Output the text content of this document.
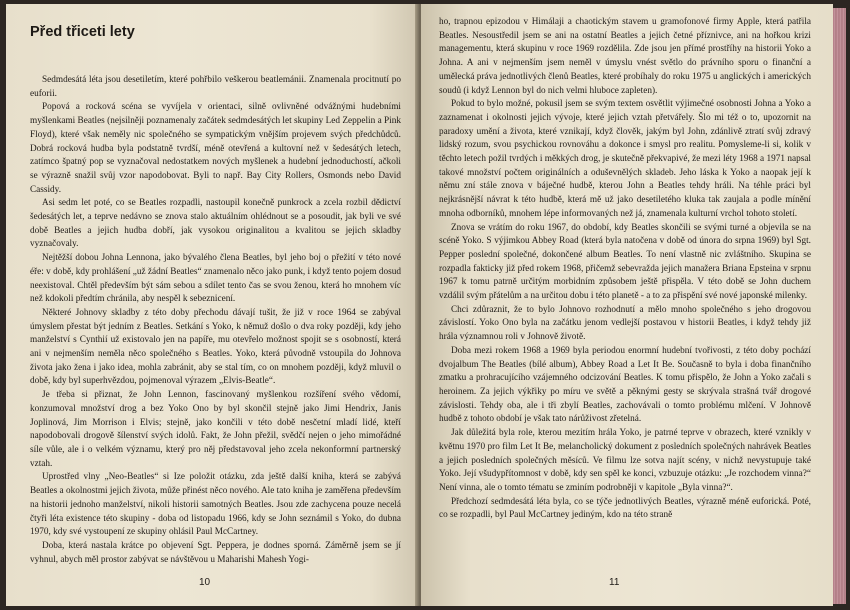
Před třiceti lety

Sedmdesátá léta jsou desetiletím, které pohřbilo veškerou beatlemánii. Znamenala procitnutí po euforii.

Popová a rocková scéna se vyvíjela v orientaci, silně ovlivněné odvážnými hudebními myšlenkami Beatles (nejsilněji poznamenaly začátek sedmdesátých let skupiny Led Zeppelin a Pink Floyd), které však neměly nic společného se sympatickým vnějším projevem svých předchůdců. Dobrá rocková hudba byla podstatně tvrdší, méně otevřená a kultovní než v šedesátých letech, zatímco špatný pop se vyznačoval nedostatkem nových myšlenek a hudební jednoduchostí, ačkoli se výrazně snažil svůj vzor napodobovat. Byli to např. Bay City Rollers, Osmonds nebo David Cassidy.

Asi sedm let poté, co se Beatles rozpadli, nastoupil konečně punkrock a zcela rozbil dědictví šedesátých let, a teprve nedávno se znova stalo aktuálním ohlédnout se a posoudit, jak byli ve své době Beatles a jejich hudba dobří, jak vysokou originalitou a kvalitou se jejich skladby vyznačovaly.

Nejtěžší dobou Johna Lennona, jako bývalého člena Beatles, byl jeho boj o přežití v této nové éře: v době, kdy prohlášení „už žádní Beatles“ znamenalo něco jako punk, i když tento pojem dosud neexistoval. Chtěl především být sám sebou a sdílet tento čas se svou ženou, která ho mnohem víc než kdokoli předtím chránila, aby nespěl k sebeznicení.

Některé Johnovy skladby z této doby přechodu dávají tušit, že již v roce 1964 se zabýval úmyslem přestat být jedním z Beatles. Setkání s Yoko, k němuž došlo o dva roky později, kdy jeho manželství s Cynthií už existovalo jen na papíře, mu otevřelo možnost spojit se s osobností, která ani v nejmenším neměla něco společného s Beatles. Yoko, která původně vstoupila do Johnova života jako žena i jako idea, mohla zabránit, aby se stal tím, co on mnohem později, když mluvil o době, kdy byl superhvězdou, pojmenoval výrazem „Elvis-Beatle“.

Je třeba si přiznat, že John Lennon, fascinovaný myšlenkou rozšíření svého vědomí, konzumoval množství drog a bez Yoko Ono by byl skončil stejně jako Jimi Hendrix, Janis Joplinová, Jim Morrison i Elvis; stejně, jako končili v této době nesčetní mladí lidé, kteří napodobovali drogově šílenství svých idolů. Fakt, že John přežil, svědčí nejen o jeho mimořádné síle vůle, ale i o velkém významu, který pro něj představoval jeho zcela nekonformní partnerský vztah.

Uprostřed vlny „Neo-Beatles“ si Ize položit otázku, zda ještě další kniha, která se zabývá Beatles a okolnostmi jejich života, může přinést něco nového. Ale tato kniha je zaměřena především na historii jednoho manželství, nikoli historii samotných Beatles. Jsou zde zachycena pouze necelá čtyři léta existence této skupiny - doba od listopadu 1966, kdy se John seznámil s Yoko, do dubna 1970, kdy své vystoupení ze skupiny ohlásil Paul McCartney.

Doba, která nastala krátce po objevení Sgt. Peppera, je dodnes sporná. Záměrně jsem se jí vyhnul, abych měl prostor zabývat se návštěvou u Maharishi Mahesh Yogi-

10

ho, trapnou epizodou v Himálaji a chaotickým stavem u gramofonové firmy Apple, která patřila Beatles. Nesoustředil jsem se ani na ostatní Beatles a jejich četné příznivce, ani na hořkou krizi managementu, která skupinu v roce 1969 rozdělila. Zde jsou jen přímé prostříhy na historii Yoko a Johna. A ani v nejmenším jsem neměl v úmyslu vnést světlo do právního sporu o finanční a umělecká práva jednotlivých členů Beatles, které probíhaly do roku 1975 u anglických i amerických soudů (i když Lennon byl do nich velmi hluboce zapleten).

Pokud to bylo možné, pokusil jsem se svým textem osvětlit výjimečné osobnosti Johna a Yoko a zaznamenat i okolnosti jejich vývoje, které jejich vztah přetvářely. Šlo mi též o to, upozornit na paradoxy umění a života, které vznikají, když člověk, jakým byl John, zdánlivě ztratí svůj zdravý lidský rozum, svou psychickou rovnováhu a dokonce i smysl pro realitu. Pomysleme-li si, kolik v těchto letech požil tvrdých i měkkých drog, je skutečně překvapivé, že mezi léty 1968 a 1971 napsal takové množství počtem originálních a oduševnělých skladeb. Jeho láska k Yoko a naopak její k němu zní stále znova v báječné hudbě, kterou John a Beatles tehdy hráli. Na téhle práci byl nejkrásnější návrat k této hudbě, která mě už jako desetiletého kluka tak zaujala a podle mínění mnoha odborníků, mnohem lépe informovaných než já, znamenala kulturní vrchol tohoto století.

Znova se vrátím do roku 1967, do období, kdy Beatles skončili se svými turné a objevila se na scéně Yoko. S výjimkou Abbey Road (která byla natočena v době od února do srpna 1969) byl Sgt. Pepper poslední společné, dokončené album Beatles. To není vlastně nic zvláštního. Skupina se rozpadla fakticky již před rokem 1968, přičemž sebevražda jejich manažera Briana Epsteina v srpnu 1967 k tomu patrně určitým morbidním způsobem ještě přispěla. V této době se John duchem vzdálil svým přátelům a na určitou dobu i této planetě - a to za přispění své nové japonské milenky.

Chci zdůraznit, že to bylo Johnovo rozhodnutí a mělo mnoho společného s jeho drogovou závislostí. Yoko Ono byla na začátku jenom vedlejší postavou v historii Beatles, i když tehdy již hrála významnou roli v Johnově životě.

Doba mezi rokem 1968 a 1969 byla periodou enormní hudební tvořivosti, z této doby pochází dvojalbum The Beatles (bílé album), Abbey Road a Let It Be. Současně to byla i doba finančního zmatku a prohracujícího vzájemného odcizování Beatles. K tomu přispělo, že John a Yoko začali s heroinem. Za jejich výkřiky po míru ve světě a pěknými gesty se skrývala strašná tvář drogové závislosti. Tehdy oba, ale i tři zbylí Beatles, zachovávali o tomto problému mlčení. V Johnově hudbě z tohoto období je však tato nárůživost zřetelná.

Jak důležitá byla role, kterou mezitím hrála Yoko, je patrné teprve v obrazech, které vznikly v květnu 1970 pro film Let It Be, melancholický dokument z posledních společných nahrávek Beatles a jejich posledních společných měsíců. Ve filmu lze sotva najít scény, v nichž nevystupuje také Yoko. Její všudypřítomnost v době, kdy sen spěl ke konci, vzbuzuje otázku: „Je rozchodem vinna?“ Není vinna, ale o tomto tématu se zminím podrobněji v kapitole „Byla vinna?“.

Předchozí sedmdesátá léta byla, co se týče jednotlivých Beatles, výrazně méně euforická. Poté, co se rozpadli, byl Paul McCartney jediným, kdo na této straně

11
